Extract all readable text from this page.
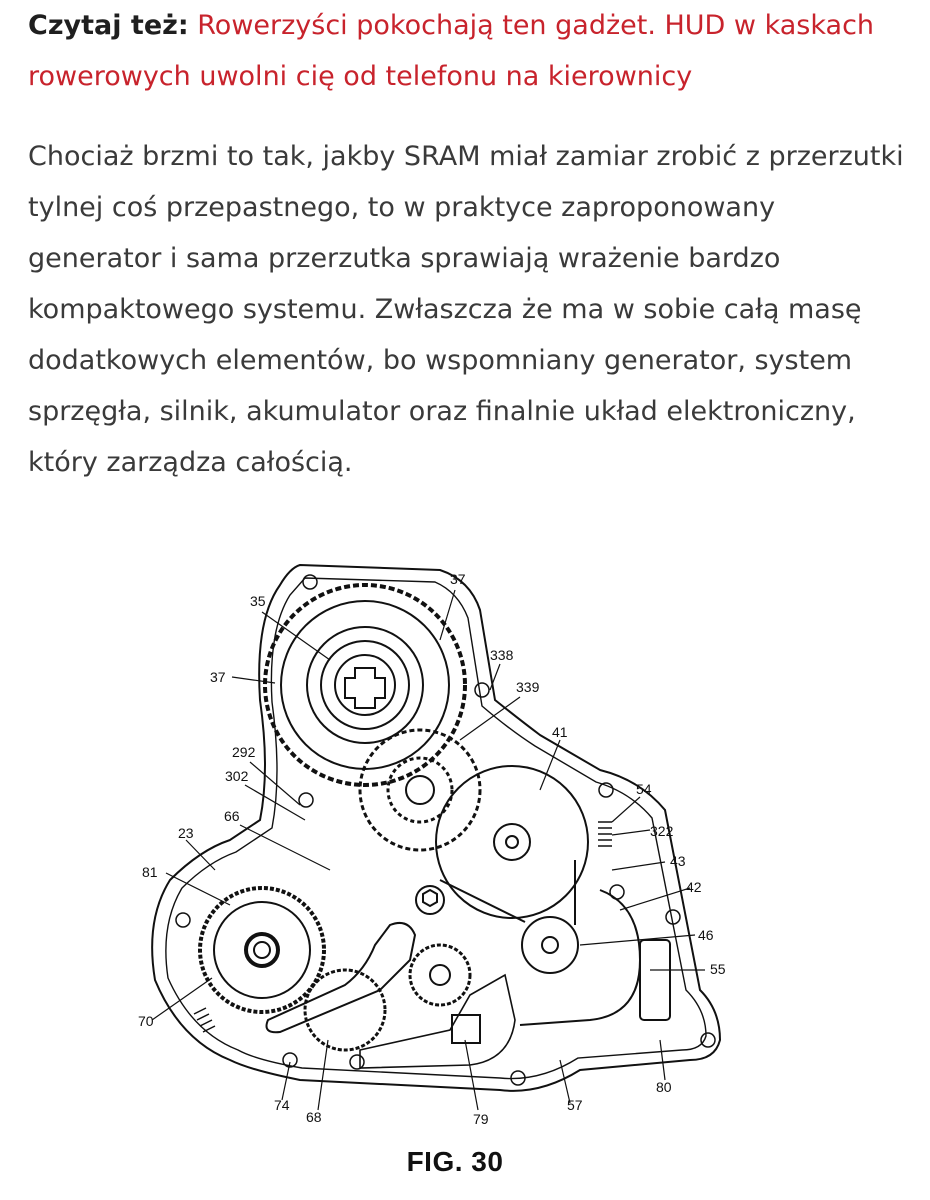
Czytaj też: Rowerzyści pokochają ten gadżet. HUD w kaskach rowerowych uwolni cię od telefonu na kierownicy

Chociaż brzmi to tak, jakby SRAM miał zamiar zrobić z przerzutki tylnej coś przepastnego, to w praktyce zaproponowany generator i sama przerzutka sprawiają wrażenie bardzo kompaktowego systemu. Zwłaszcza że ma w sobie całą masę dodatkowych elementów, bo wspomniany generator, system sprzęgła, silnik, akumulator oraz finalnie układ elektroniczny, który zarządza całością.

37
35
37
338
339
41
292
302
54
322
66
23
43
81
42
46
55
70
80
74	57
68	79
FIG. 30
